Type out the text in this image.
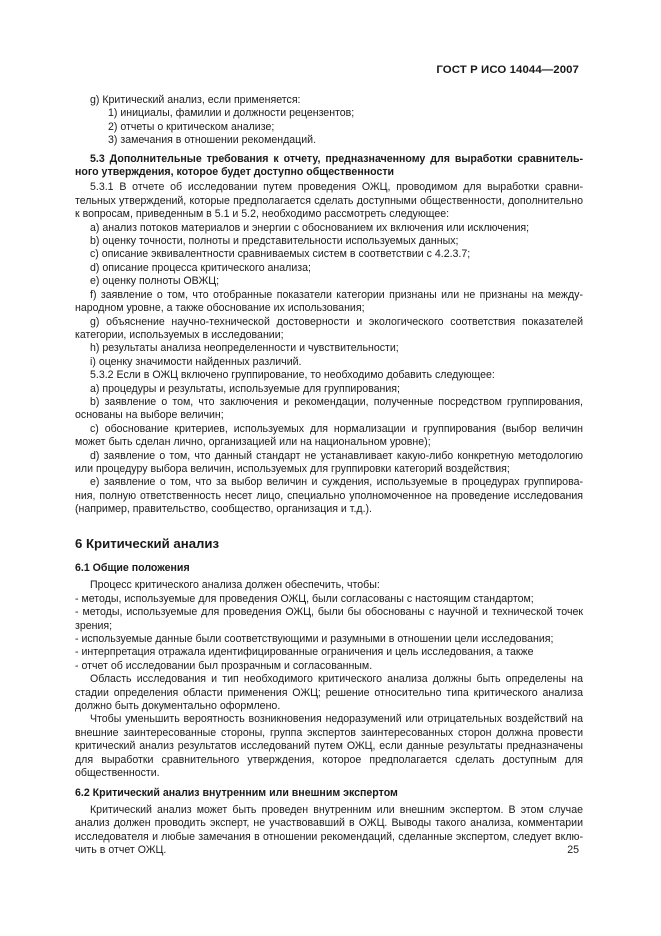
ГОСТ Р ИСО 14044—2007

g) Критический анализ, если применяется:

1) инициалы, фамилии и должности рецензентов;

2) отчеты о критическом анализе;

3) замечания в отношении рекомендаций.

5.3 Дополнительные требования к отчету, предназначенному для выработки сравнитель-ного утверждения, которое будет доступно общественности

5.3.1 В отчете об исследовании путем проведения ОЖЦ, проводимом для выработки сравни-тельных утверждений, которые предполагается сделать доступными общественности, дополнительно к вопросам, приведенным в 5.1 и 5.2, необходимо рассмотреть следующее:

a) анализ потоков материалов и энергии с обоснованием их включения или исключения;

b) оценку точности, полноты и представительности используемых данных;

c) описание эквивалентности сравниваемых систем в соответствии с 4.2.3.7;

d) описание процесса критического анализа;

e) оценку полноты ОВЖЦ;

f) заявление о том, что отобранные показатели категории признаны или не признаны на между-народном уровне, а также обоснование их использования;

g) объяснение научно-технической достоверности и экологического соответствия показателей категории, используемых в исследовании;

h) результаты анализа неопределенности и чувствительности;

i) оценку значимости найденных различий.

5.3.2 Если в ОЖЦ включено группирование, то необходимо добавить следующее:

a) процедуры и результаты, используемые для группирования;

b) заявление о том, что заключения и рекомендации, полученные посредством группирования, основаны на выборе величин;

c) обоснование критериев, используемых для нормализации и группирования (выбор величин может быть сделан лично, организацией или на национальном уровне);

d) заявление о том, что данный стандарт не устанавливает какую-либо конкретную методологию или процедуру выбора величин, используемых для группировки категорий воздействия;

e) заявление о том, что за выбор величин и суждения, используемые в процедурах группирова-ния, полную ответственность несет лицо, специально уполномоченное на проведение исследования (например, правительство, сообщество, организация и т.д.).

6 Критический анализ

6.1 Общие положения

Процесс критического анализа должен обеспечить, чтобы:

- методы, используемые для проведения ОЖЦ, были согласованы с настоящим стандартом;

- методы, используемые для проведения ОЖЦ, были бы обоснованы с научной и технической точек зрения;

- используемые данные были соответствующими и разумными в отношении цели исследования;

- интерпретация отражала идентифицированные ограничения и цель исследования, а также

- отчет об исследовании был прозрачным и согласованным.

Область исследования и тип необходимого критического анализа должны быть определены на стадии определения области применения ОЖЦ; решение относительно типа критического анализа должно быть документально оформлено.

Чтобы уменьшить вероятность возникновения недоразумений или отрицательных воздействий на внешние заинтересованные стороны, группа экспертов заинтересованных сторон должна провести критический анализ результатов исследований путем ОЖЦ, если данные результаты предназначены для выработки сравнительного утверждения, которое предполагается сделать доступным для общественности.

6.2 Критический анализ внутренним или внешним экспертом

Критический анализ может быть проведен внутренним или внешним экспертом. В этом случае анализ должен проводить эксперт, не участвовавший в ОЖЦ. Выводы такого анализа, комментарии исследователя и любые замечания в отношении рекомендаций, сделанные экспертом, следует вклю-чить в отчет ОЖЦ.	25
